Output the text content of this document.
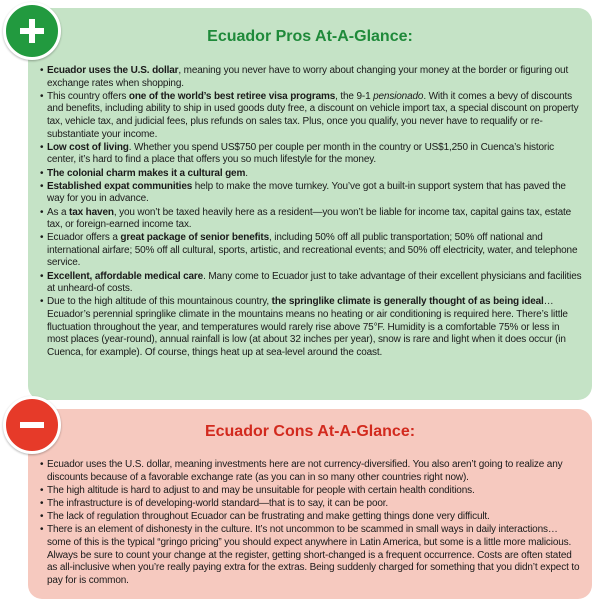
Ecuador Pros At-A-Glance:
• Ecuador uses the U.S. dollar, meaning you never have to worry about changing your money at the border or figuring out exchange rates when shopping.
• This country offers one of the world’s best retiree visa programs, the 9-1 pensionado. With it comes a bevy of discounts and benefits, including ability to ship in used goods duty free, a discount on vehicle import tax, a special discount on property tax, vehicle tax, and judicial fees, plus refunds on sales tax. Plus, once you qualify, you never have to requalify or re-substantiate your income.
• Low cost of living. Whether you spend US$750 per couple per month in the country or US$1,250 in Cuenca’s historic center, it’s hard to find a place that offers you so much lifestyle for the money.
• The colonial charm makes it a cultural gem.
• Established expat communities help to make the move turnkey. You’ve got a built-in support system that has paved the way for you in advance.
• As a tax haven, you won’t be taxed heavily here as a resident—you won’t be liable for income tax, capital gains tax, estate tax, or foreign-earned income tax.
• Ecuador offers a great package of senior benefits, including 50% off all public transportation; 50% off national and international airfare; 50% off all cultural, sports, artistic, and recreational events; and 50% off electricity, water, and telephone service.
• Excellent, affordable medical care. Many come to Ecuador just to take advantage of their excellent physicians and facilities at unheard-of costs.
• Due to the high altitude of this mountainous country, the springlike climate is generally thought of as being ideal… Ecuador’s perennial springlike climate in the mountains means no heating or air conditioning is required here. There’s little fluctuation throughout the year, and temperatures would rarely rise above 75°F. Humidity is a comfortable 75% or less in most places (year-round), annual rainfall is low (at about 32 inches per year), snow is rare and light when it does occur (in Cuenca, for example). Of course, things heat up at sea-level around the coast.
Ecuador Cons At-A-Glance:
• Ecuador uses the U.S. dollar, meaning investments here are not currency-diversified. You also aren’t going to realize any discounts because of a favorable exchange rate (as you can in so many other countries right now).
• The high altitude is hard to adjust to and may be unsuitable for people with certain health conditions.
• The infrastructure is of developing-world standard—that is to say, it can be poor.
• The lack of regulation throughout Ecuador can be frustrating and make getting things done very difficult.
• There is an element of dishonesty in the culture. It’s not uncommon to be scammed in small ways in daily interactions… some of this is the typical “gringo pricing” you should expect anywhere in Latin America, but some is a little more malicious. Always be sure to count your change at the register, getting short-changed is a frequent occurrence. Costs are often stated as all-inclusive when you’re really paying extra for the extras. Being suddenly charged for something that you didn’t expect to pay for is common.
